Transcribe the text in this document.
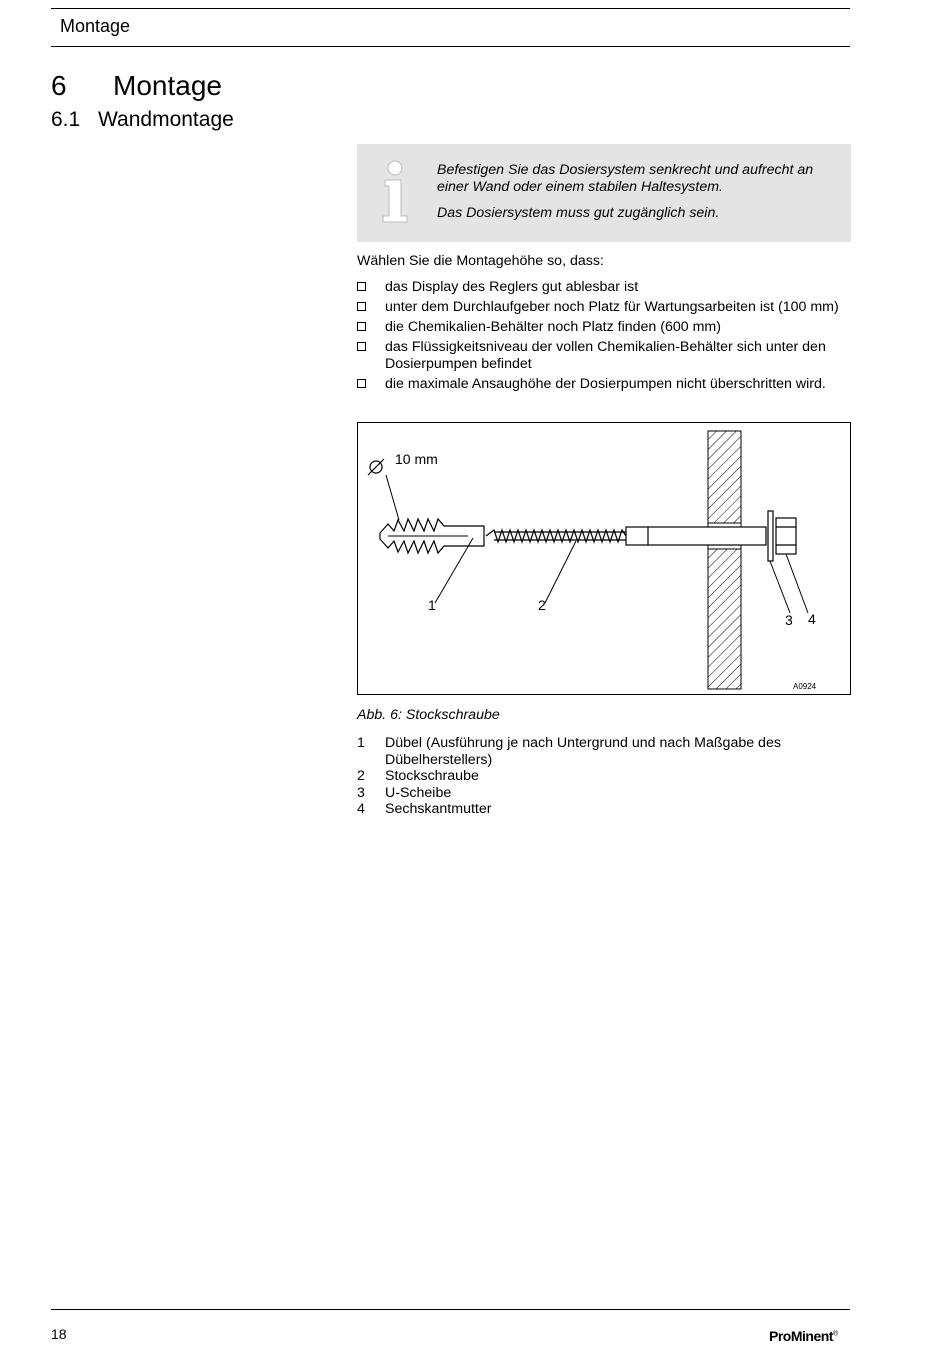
Montage
6 Montage
6.1 Wandmontage

Befestigen Sie das Dosiersystem senkrecht und aufrecht an einer Wand oder einem stabilen Haltesystem.

Das Dosiersystem muss gut zugänglich sein.

Wählen Sie die Montagehöhe so, dass:
das Display des Reglers gut ablesbar ist
unter dem Durchlaufgeber noch Platz für Wartungsarbeiten ist (100 mm)
die Chemikalien-Behälter noch Platz finden (600 mm)
das Flüssigkeitsniveau der vollen Chemikalien-Behälter sich unter den Dosierpumpen befindet
die maximale Ansaughöhe der Dosierpumpen nicht überschritten wird.
10 mm
1	2
3 4
A0924
Abb. 6: Stockschraube
1 Dübel (Ausführung je nach Untergrund und nach Maßgabe des Dübelherstellers)
2 Stockschraube
3 U-Scheibe
4 Sechskantmutter
18	ProMinent®
